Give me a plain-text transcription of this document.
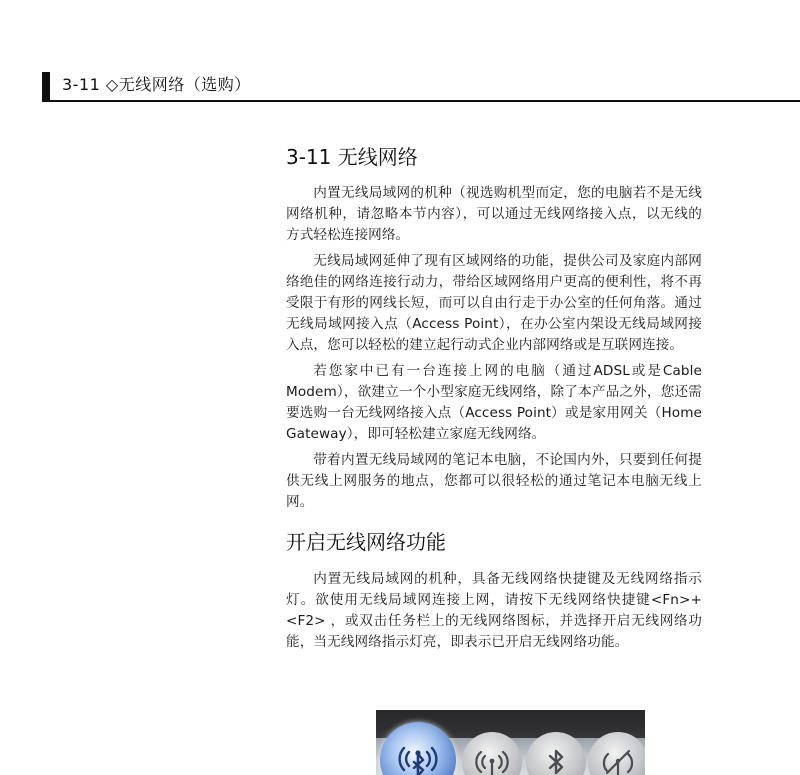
3-11 ◇无线网络（选购）
3-11 无线网络

内置无线局域网的机种（视选购机型而定，您的电脑若不是无线网络机种，请忽略本节内容），可以通过无线网络接入点，以无线的方式轻松连接网络。

无线局域网延伸了现有区域网络的功能，提供公司及家庭内部网络绝佳的网络连接行动力，带给区域网络用户更高的便利性，将不再受限于有形的网线长短，而可以自由行走于办公室的任何角落。通过无线局域网接入点（Access Point），在办公室内架设无线局域网接入点，您可以轻松的建立起行动式企业内部网络或是互联网连接。

若您家中已有一台连接上网的电脑（通过ADSL或是Cable Modem），欲建立一个小型家庭无线网络，除了本产品之外，您还需要选购一台无线网络接入点（Access Point）或是家用网关（Home Gateway），即可轻松建立家庭无线网络。

带着内置无线局域网的笔记本电脑，不论国内外，只要到任何提供无线上网服务的地点，您都可以很轻松的通过笔记本电脑无线上网。

开启无线网络功能

内置无线局域网的机种，具备无线网络快捷键及无线网络指示灯。欲使用无线局域网连接上网，请按下无线网络快捷键<Fn>+<F2> ，或双击任务栏上的无线网络图标，并选择开启无线网络功能，当无线网络指示灯亮，即表示已开启无线网络功能。
